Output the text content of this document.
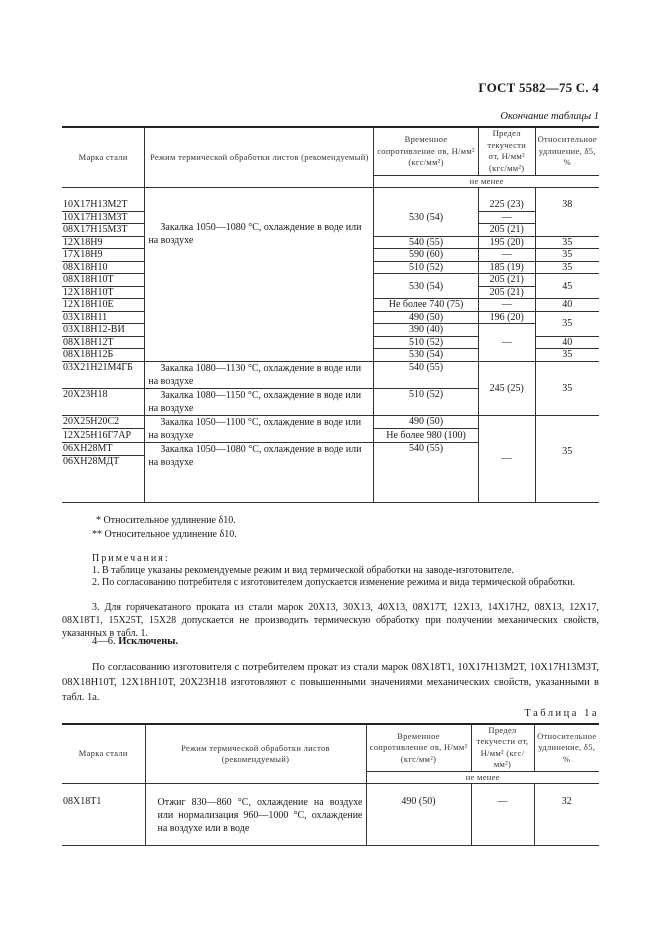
ГОСТ 5582—75 С. 4
Окончание таблицы 1
Марка стали	Режим термической обработки листов (рекомендуемый)	Временное сопротивление σв, Н/мм² (кгс/мм²)	Предел текучести σт, Н/мм² (кгс/мм²)	Относительное удлинение, δ5, %
		не менее		

10Х17Н13М2Т	Закалка 1050—1080 °С, охлаждение в воде или на воздухе	530 (54)	225 (23)	38
10Х17Н13М3Т			—	
08Х17Н15М3Т			205 (21)	
12Х18Н9		540 (55)	195 (20)	35
17Х18Н9		590 (60)	—	35
08Х18Н10		510 (52)	185 (19)	35
08Х18Н10Т		530 (54)	205 (21)	45
12Х18Н10Т			205 (21)	
12Х18Н10Е		Не более 740 (75)	—	40
03Х18Н11		490 (50)	196 (20)	35
03Х18Н12-ВИ		390 (40)	—	
08Х18Н12Т		510 (52)		40
08Х18Н12Б		530 (54)		35
03Х21Н21М4ГБ	Закалка 1080—1130 °С, охлаждение в воде или на воздухе	540 (55)	245 (25)	35
20Х23Н18	Закалка 1080—1150 °С, охлаждение в воде или на воздухе	510 (52)		
20Х25Н20С2	Закалка 1050—1100 °С, охлаждение в воде или на воздухе	490 (50)	—	35
12Х25Н16Г7АР		Не более 980 (100)		
06ХН28МТ	Закалка 1050—1080 °С, охлаждение в воде или на воздухе	540 (55)		
06ХН28МДТ				

* Относительное удлинение δ10.
** Относительное удлинение δ10.
Примечания:
1. В таблице указаны рекомендуемые режим и вид термической обработки на заводе-изготовителе.
2. По согласованию потребителя с изготовителем допускается изменение режима и вида термической обработки.
3. Для горячекатаного проката из стали марок 20Х13, 30Х13, 40Х13, 08Х17Т, 12Х13, 14Х17Н2, 08Х13, 12Х17, 08Х18Т1, 15Х25Т, 15Х28 допускается не производить термическую обработку при получении механических свойств, указанных в табл. 1.
4—6. Исключены.
По согласованию изготовителя с потребителем прокат из стали марок 08Х18Т1, 10Х17Н13М2Т, 10Х17Н13М3Т, 08Х18Н10Т, 12Х18Н10Т, 20Х23Н18 изготовляют с повышенными значениями механических свойств, указанными в табл. 1а.
Таблица 1а
Марка стали	Режим термической обработки листов (рекомендуемый)	Временное сопротивление σв, Н/мм² (кгс/мм²)	Предел текучести σт, Н/мм² (кгс/мм²)	Относительное удлинение, δ5, %
		не менее		

08Х18Т1	Отжиг 830—860 °С, охлаждение на воздухе или нормализация 960—1000 °С, охлаждение на воздухе или в воде	490 (50)	—	32
